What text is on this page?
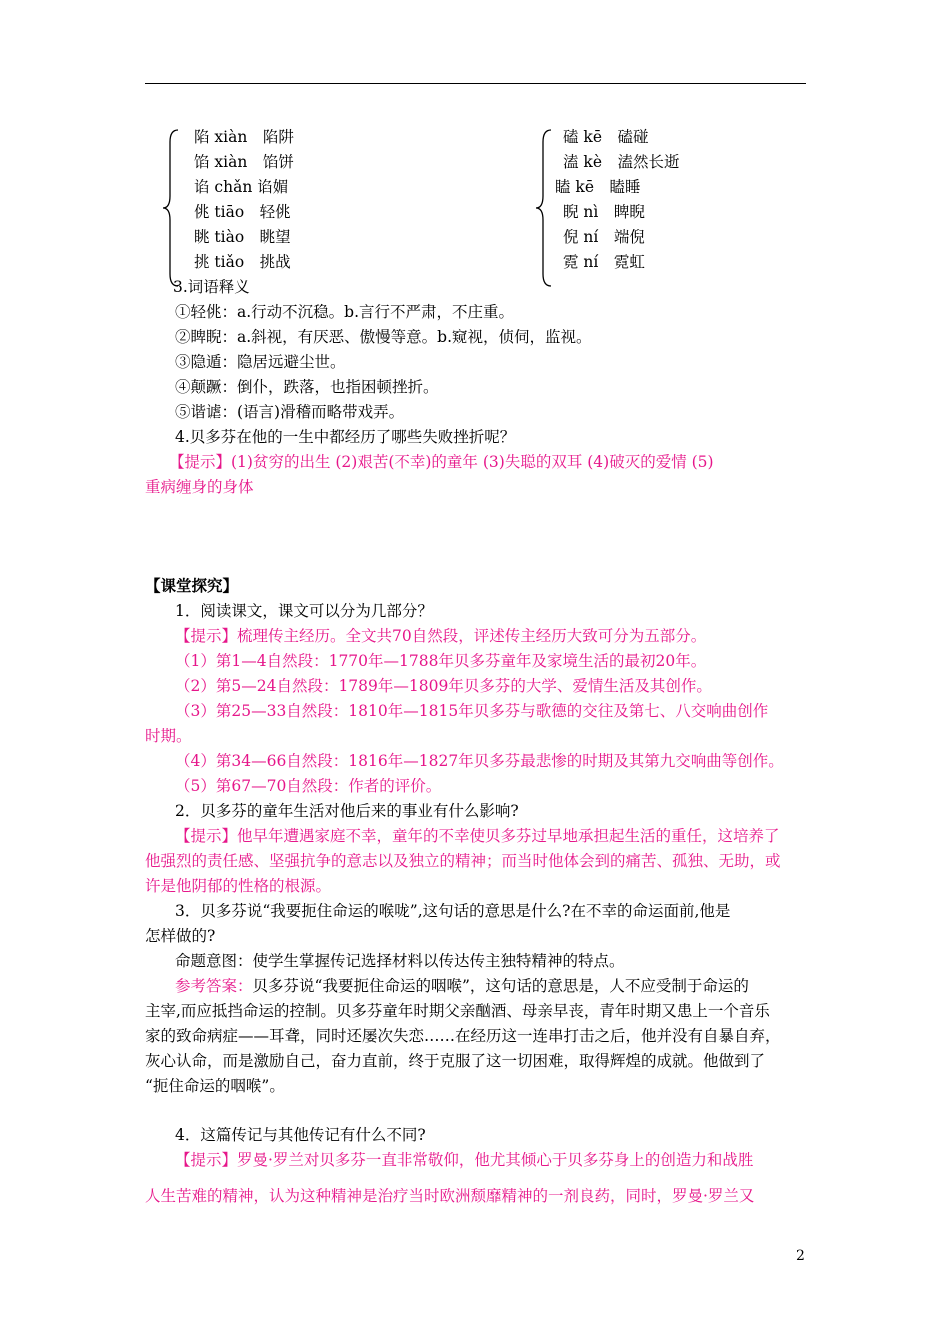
陷 xiàn　陷阱
馅 xiàn　馅饼
谄 chǎn 谄媚
佻 tiāo　轻佻
眺 tiào　眺望
挑 tiǎo　挑战
磕 kē　磕碰
溘 kè　溘然长逝
瞌 kē　瞌睡
睨 nì　睥睨
倪 ní　端倪
霓 ní　霓虹
3.词语释义
①轻佻：a.行动不沉稳。b.言行不严肃，不庄重。
②睥睨：a.斜视，有厌恶、傲慢等意。b.窥视，侦伺，监视。
③隐遁：隐居远避尘世。
④颠蹶：倒仆，跌落，也指困顿挫折。
⑤谐谑：(语言)滑稽而略带戏弄。
4.贝多芬在他的一生中都经历了哪些失败挫折呢？
【提示】(1)贫穷的出生 (2)艰苦(不幸)的童年 (3)失聪的双耳 (4)破灭的爱情 (5)
重病缠身的身体
【课堂探究】
1．阅读课文，课文可以分为几部分？
【提示】梳理传主经历。全文共70自然段，评述传主经历大致可分为五部分。
（1）第1—4自然段：1770年—1788年贝多芬童年及家境生活的最初20年。
（2）第5—24自然段：1789年—1809年贝多芬的大学、爱情生活及其创作。
（3）第25—33自然段：1810年—1815年贝多芬与歌德的交往及第七、八交响曲创作
时期。
（4）第34—66自然段：1816年—1827年贝多芬最悲惨的时期及其第九交响曲等创作。
（5）第67—70自然段：作者的评价。
2．贝多芬的童年生活对他后来的事业有什么影响?
【提示】他早年遭遇家庭不幸，童年的不幸使贝多芬过早地承担起生活的重任，这培养了
他强烈的责任感、坚强抗争的意志以及独立的精神；而当时他体会到的痛苦、孤独、无助，或
许是他阴郁的性格的根源。
3．贝多芬说“我要扼住命运的喉咙”,这句话的意思是什么?在不幸的命运面前,他是
怎样做的?
命题意图：使学生掌握传记选择材料以传达传主独特精神的特点。
参考答案：贝多芬说“我要扼住命运的咽喉”，这句话的意思是，人不应受制于命运的
主宰,而应抵挡命运的控制。贝多芬童年时期父亲酗酒、母亲早丧，青年时期又患上一个音乐
家的致命病症——耳聋，同时还屡次失恋……在经历这一连串打击之后，他并没有自暴自弃，
灰心认命，而是激励自己，奋力直前，终于克服了这一切困难，取得辉煌的成就。他做到了
“扼住命运的咽喉”。
4．这篇传记与其他传记有什么不同?
【提示】罗曼·罗兰对贝多芬一直非常敬仰，他尤其倾心于贝多芬身上的创造力和战胜
人生苦难的精神，认为这种精神是治疗当时欧洲颓靡精神的一剂良药，同时，罗曼·罗兰又
2
